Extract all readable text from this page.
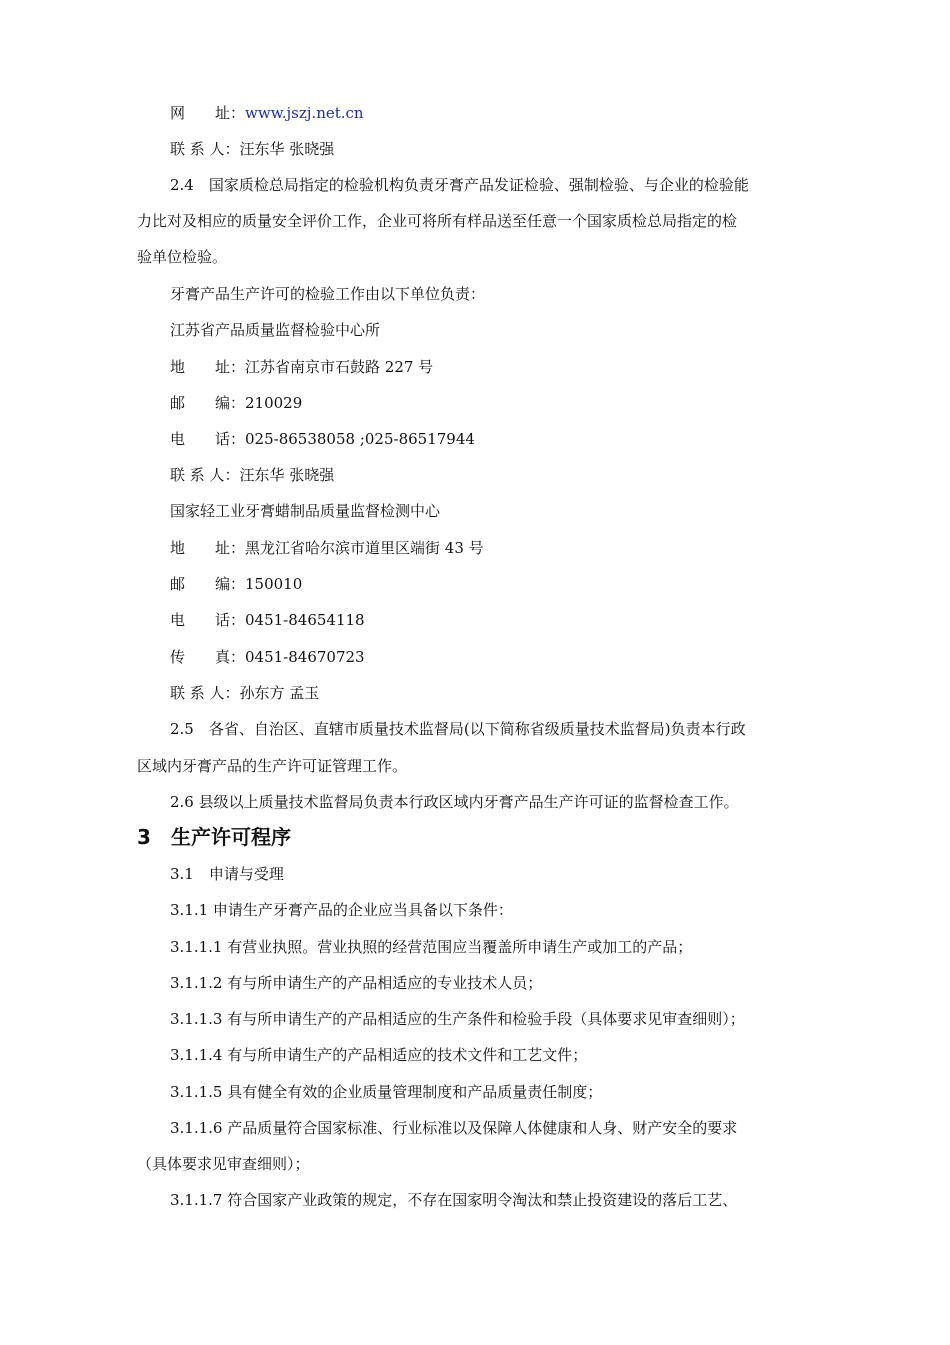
网　　址：www.jszj.net.cn
联 系 人：汪东华 张晓强
2.4　国家质检总局指定的检验机构负责牙膏产品发证检验、强制检验、与企业的检验能
力比对及相应的质量安全评价工作，企业可将所有样品送至任意一个国家质检总局指定的检
验单位检验。
牙膏产品生产许可的检验工作由以下单位负责：
江苏省产品质量监督检验中心所
地　　址：江苏省南京市石鼓路 227 号
邮　　编：210029
电　　话：025-86538058 ;025-86517944
联 系 人：汪东华 张晓强
国家轻工业牙膏蜡制品质量监督检测中心
地　　址：黑龙江省哈尔滨市道里区端街 43 号
邮　　编：150010
电　　话：0451-84654118
传　　真：0451-84670723
联 系 人：孙东方 孟玉
2.5　各省、自治区、直辖市质量技术监督局(以下简称省级质量技术监督局)负责本行政
区域内牙膏产品的生产许可证管理工作。
2.6 县级以上质量技术监督局负责本行政区域内牙膏产品生产许可证的监督检查工作。
3 生产许可程序
3.1　申请与受理
3.1.1 申请生产牙膏产品的企业应当具备以下条件：
3.1.1.1 有营业执照。营业执照的经营范围应当覆盖所申请生产或加工的产品；
3.1.1.2 有与所申请生产的产品相适应的专业技术人员；
3.1.1.3 有与所申请生产的产品相适应的生产条件和检验手段（具体要求见审查细则）；
3.1.1.4 有与所申请生产的产品相适应的技术文件和工艺文件；
3.1.1.5 具有健全有效的企业质量管理制度和产品质量责任制度；
3.1.1.6 产品质量符合国家标准、行业标准以及保障人体健康和人身、财产安全的要求
（具体要求见审查细则）；
3.1.1.7 符合国家产业政策的规定，不存在国家明令淘汰和禁止投资建设的落后工艺、
